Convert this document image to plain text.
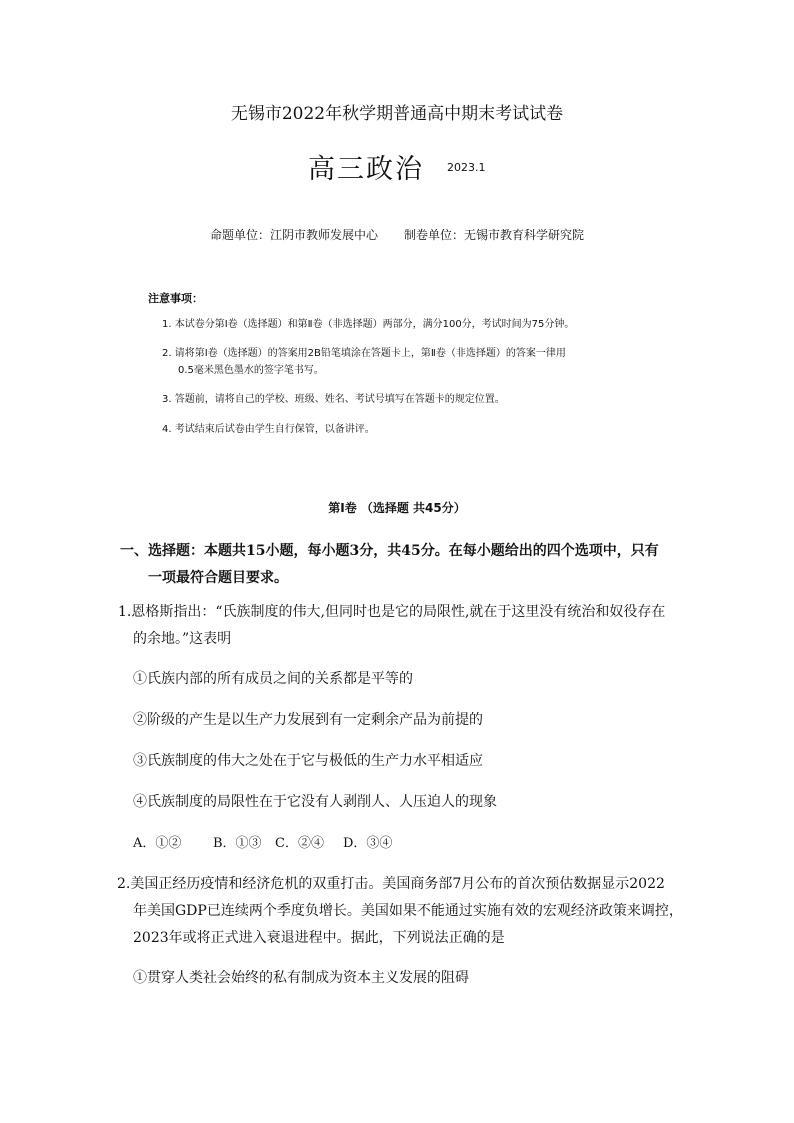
无锡市2022年秋学期普通高中期末考试试卷
高三政治 2023.1
命题单位：江阴市教师发展中心 制卷单位：无锡市教育科学研究院
注意事项：
1. 本试卷分第Ⅰ卷（选择题）和第Ⅱ卷（非选择题）两部分，满分100分，考试时间为75分钟。
2. 请将第Ⅰ卷（选择题）的答案用2B铅笔填涂在答题卡上，第Ⅱ卷（非选择题）的答案一律用
0.5毫米黑色墨水的签字笔书写。
3. 答题前，请将自己的学校、班级、姓名、考试号填写在答题卡的规定位置。
4. 考试结束后试卷由学生自行保管，以备讲评。
第Ⅰ卷 （选择题 共45分）
一、选择题：本题共15小题，每小题3分，共45分。在每小题给出的四个选项中，只有
一项最符合题目要求。
1.恩格斯指出：“氏族制度的伟大,但同时也是它的局限性,就在于这里没有统治和奴役存在
的余地。”这表明
①氏族内部的所有成员之间的关系都是平等的
②阶级的产生是以生产力发展到有一定剩余产品为前提的
③氏族制度的伟大之处在于它与极低的生产力水平相适应
④氏族制度的局限性在于它没有人剥削人、人压迫人的现象
A．①② B．①③ C．②④ D．③④
2.美国正经历疫情和经济危机的双重打击。美国商务部7月公布的首次预估数据显示2022
年美国GDP已连续两个季度负增长。美国如果不能通过实施有效的宏观经济政策来调控，
2023年或将正式进入衰退进程中。据此，下列说法正确的是
①贯穿人类社会始终的私有制成为资本主义发展的阻碍
